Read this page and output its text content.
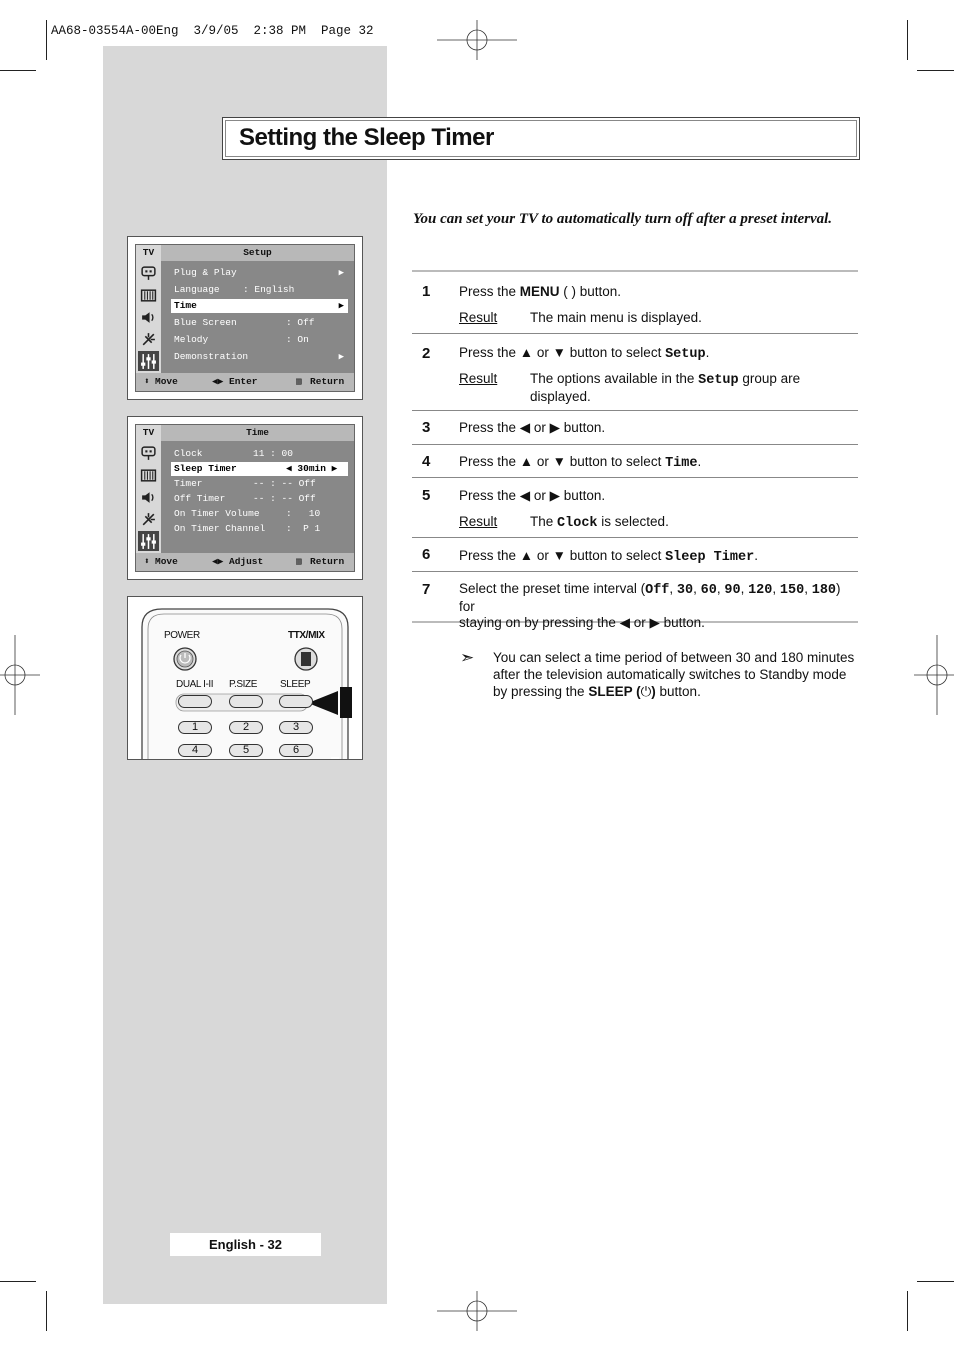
AA68-03554A-00Eng  3/9/05  2:38 PM  Page 32
Setting the Sleep Timer
TV	Setup
Plug & Play	▶
Language : English
Time	▶
Blue Screen	: Off
Melody	: On
Demonstration	▶
⬍ Move	◀▶ Enter	▥ Return
TV	Time
Clock	11 : 00
Sleep Timer	◀ 30min ▶
Timer	-- : -- Off
Off Timer	-- : -- Off
On Timer Volume	:   10
On Timer Channel :  P 1
⬍ Move	◀▶ Adjust	▥ Return
POWER	TTX/MIX
DUAL I-II P.SIZE SLEEP
1	2	3
4	5	6
You can set your TV to automatically turn off after a preset interval.
1 Press the MENU ( ) button.
Result The main menu is displayed.
2 Press the ▲ or ▼ button to select Setup.
Result The options available in the Setup group are displayed.
3 Press the ◀ or ▶ button.
4 Press the ▲ or ▼ button to select Time.
5 Press the ◀ or ▶ button.
Result The Clock is selected.
6 Press the ▲ or ▼ button to select Sleep Timer.
7 Select the preset time interval (Off, 30, 60, 90, 120, 150, 180) for
staying on by pressing the ◀ or ▶ button.
➣ You can select a time period of between 30 and 180 minutes after the television automatically switches to Standby mode by pressing the SLEEP (⏻) button.
English - 32
